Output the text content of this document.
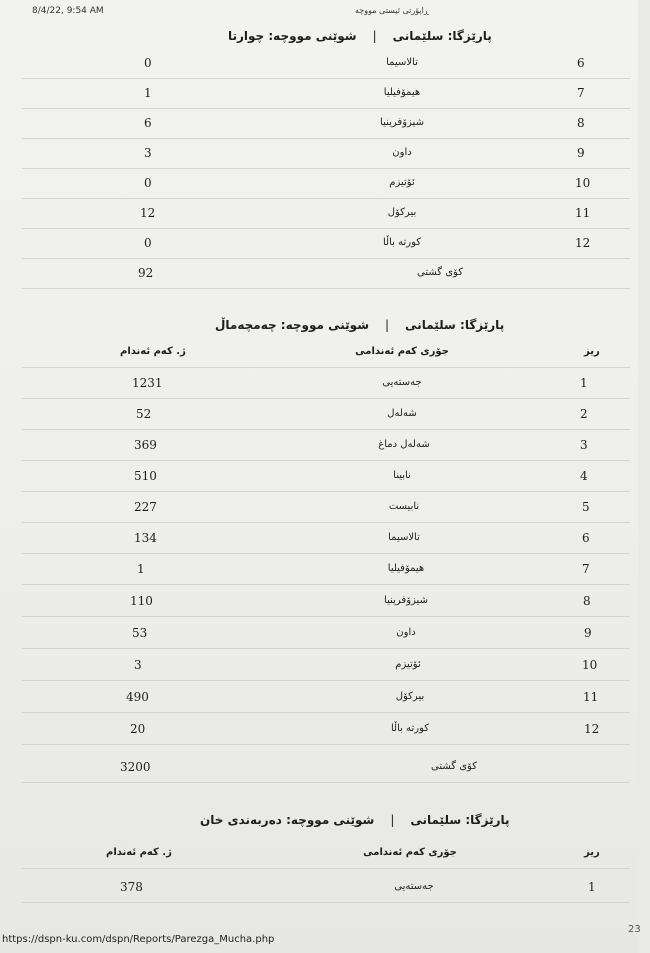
8/4/22, 9:54 AM	ڕاپۆرتی ئیستی مووچە
پارێزگا: سلێمانی
|
شوێنی مووچە: چوارتا
0	تالاسیما	6
1	هیمۆفیلیا	7
6	شیزۆفرینیا	8
3	داون	9
0	ئۆتیزم	10
12	بیرکۆل	11
0	کورتە باڵا	12
92	کۆی گشتی
پارێزگا: سلێمانی
|
شوێنی مووچە: چەمچەماڵ
ژ. کەم ئەندام	جۆری کەم ئەندامی	ریز
1231	جەستەیی	1
52	شەلەل	2
369	شەلەل دماغ	3
510	نابینا	4
227	نابیست	5
134	تالاسیما	6
1	هیمۆفیلیا	7
110	شیزۆفرینیا	8
53	داون	9
3	ئۆتیزم	10
490	بیرکۆل	11
20	کورتە باڵا	12
3200	کۆی گشتی
پارێزگا: سلێمانی
|
شوێنی مووچە: دەربەندی خان
ژ. کەم ئەندام	جۆری کەم ئەندامی	ریز
378	جەستەیی	1
https://dspn-ku.com/dspn/Reports/Parezga_Mucha.php
23
